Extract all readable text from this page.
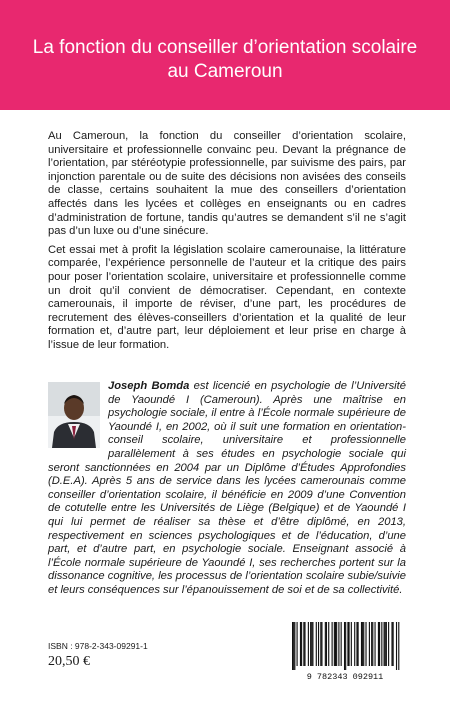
La fonction du conseiller d’orientation scolaire
au Cameroun

Au Cameroun, la fonction du conseiller d’orientation scolaire, universitaire et professionnelle convainc peu. Devant la prégnance de l’orientation, par stéréotypie professionnelle, par suivisme des pairs, par injonction parentale ou de suite des décisions non avisées des conseils de classe, certains souhaitent la mue des conseillers d’orientation affectés dans les lycées et collèges en enseignants ou en cadres d’administration de fortune, tandis qu’autres se demandent s’il ne s’agit pas d’un luxe ou d’une sinécure.

Cet essai met à profit la législation scolaire camerounaise, la littérature comparée, l’expérience personnelle de l’auteur et la critique des pairs pour poser l’orientation scolaire, universitaire et professionnelle comme un droit qu’il convient de démocratiser. Cependant, en contexte camerounais, il importe de réviser, d’une part, les procédures de recrutement des élèves-conseillers d’orientation et la qualité de leur formation et, d’autre part, leur déploiement et leur prise en charge à l’issue de leur formation.

Joseph Bomda est licencié en psychologie de l’Université de Yaoundé I (Cameroun). Après une maîtrise en psychologie sociale, il entre à l’École normale supérieure de Yaoundé I, en 2002, où il suit une formation en orientation-conseil scolaire, universitaire et professionnelle parallèlement à ses études en psychologie sociale qui seront sanctionnées en 2004 par un Diplôme d’Études Approfondies (D.E.A). Après 5 ans de service dans les lycées camerounais comme conseiller d’orientation scolaire, il bénéficie en 2009 d’une Convention de cotutelle entre les Universités de Liège (Belgique) et de Yaoundé I qui lui permet de réaliser sa thèse et d’être diplômé, en 2013, respectivement en sciences psychologiques et de l’éducation, d’une part, et d’autre part, en psychologie sociale. Enseignant associé à l’École normale supérieure de Yaoundé I, ses recherches portent sur la dissonance cognitive, les processus de l’orientation scolaire subie/suivie et leurs conséquences sur l’épanouissement de soi et de sa collectivité.
ISBN : 978-2-343-09291-1
20,50 €
9 782343 092911
